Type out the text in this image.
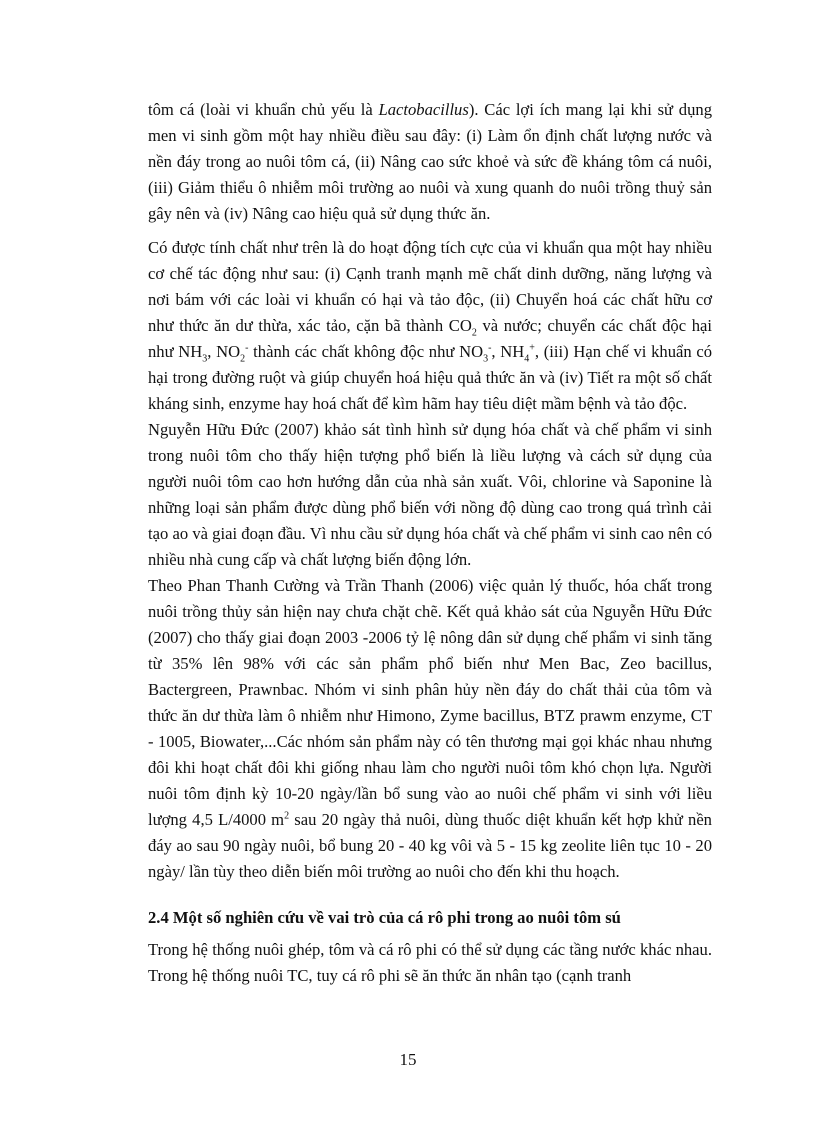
tôm cá (loài vi khuẩn chủ yếu là Lactobacillus). Các lợi ích mang lại khi sử dụng men vi sinh gồm một hay nhiều điều sau đây: (i) Làm ổn định chất lượng nước và nền đáy trong ao nuôi tôm cá, (ii) Nâng cao sức khoẻ và sức đề kháng tôm cá nuôi, (iii) Giảm thiểu ô nhiễm môi trường ao nuôi và xung quanh do nuôi trồng thuỷ sản gây nên và (iv) Nâng cao hiệu quả sử dụng thức ăn.

Có được tính chất như trên là do hoạt động tích cực của vi khuẩn qua một hay nhiều cơ chế tác động như sau: (i) Cạnh tranh mạnh mẽ chất dinh dưỡng, năng lượng và nơi bám với các loài vi khuẩn có hại và tảo độc, (ii) Chuyển hoá các chất hữu cơ như thức ăn dư thừa, xác tảo, cặn bã thành $CO_2$ và nước; chuyển các chất độc hại như $NH_3$, $NO_2^-$ thành các chất không độc như $NO_3^-$, $NH_4^+$, (iii) Hạn chế vi khuẩn có hại trong đường ruột và giúp chuyển hoá hiệu quả thức ăn và (iv) Tiết ra một số chất kháng sinh, enzyme hay hoá chất để kìm hãm hay tiêu diệt mầm bệnh và tảo độc.

Nguyễn Hữu Đức (2007) khảo sát tình hình sử dụng hóa chất và chế phẩm vi sinh trong nuôi tôm cho thấy hiện tượng phổ biến là liều lượng và cách sử dụng của người nuôi tôm cao hơn hướng dẫn của nhà sản xuất. Vôi, chlorine và Saponine là những loại sản phẩm được dùng phổ biến với nồng độ dùng cao trong quá trình cải tạo ao và giai đoạn đầu. Vì nhu cầu sử dụng hóa chất và chế phẩm vi sinh cao nên có nhiều nhà cung cấp và chất lượng biến động lớn.

Theo Phan Thanh Cường và Trần Thanh (2006) việc quản lý thuốc, hóa chất trong nuôi trồng thủy sản hiện nay chưa chặt chẽ. Kết quả khảo sát của Nguyễn Hữu Đức (2007) cho thấy giai đoạn 2003 -2006 tỷ lệ nông dân sử dụng chế phẩm vi sinh tăng từ 35% lên 98% với các sản phẩm phổ biến như Men Bac, Zeo bacillus, Bactergreen, Prawnbac. Nhóm vi sinh phân hủy nền đáy do chất thải của tôm và thức ăn dư thừa làm ô nhiễm như Himono, Zyme bacillus, BTZ prawm enzyme, CT - 1005, Biowater,...Các nhóm sản phẩm này có tên thương mại gọi khác nhau nhưng đôi khi hoạt chất đôi khi giống nhau làm cho người nuôi tôm khó chọn lựa. Người nuôi tôm định kỳ 10-20 ngày/lần bổ sung vào ao nuôi chế phẩm vi sinh với liều lượng 4,5 L/4000 $m^2$ sau 20 ngày thả nuôi, dùng thuốc diệt khuẩn kết hợp khử nền đáy ao sau 90 ngày nuôi, bổ bung 20 - 40 kg vôi và 5 - 15 kg zeolite liên tục 10 - 20 ngày/ lần tùy theo diễn biến môi trường ao nuôi cho đến khi thu hoạch.

2.4 Một số nghiên cứu về vai trò của cá rô phi trong ao nuôi tôm sú

Trong hệ thống nuôi ghép, tôm và cá rô phi có thể sử dụng các tầng nước khác nhau. Trong hệ thống nuôi TC, tuy cá rô phi sẽ ăn thức ăn nhân tạo (cạnh tranh

15
